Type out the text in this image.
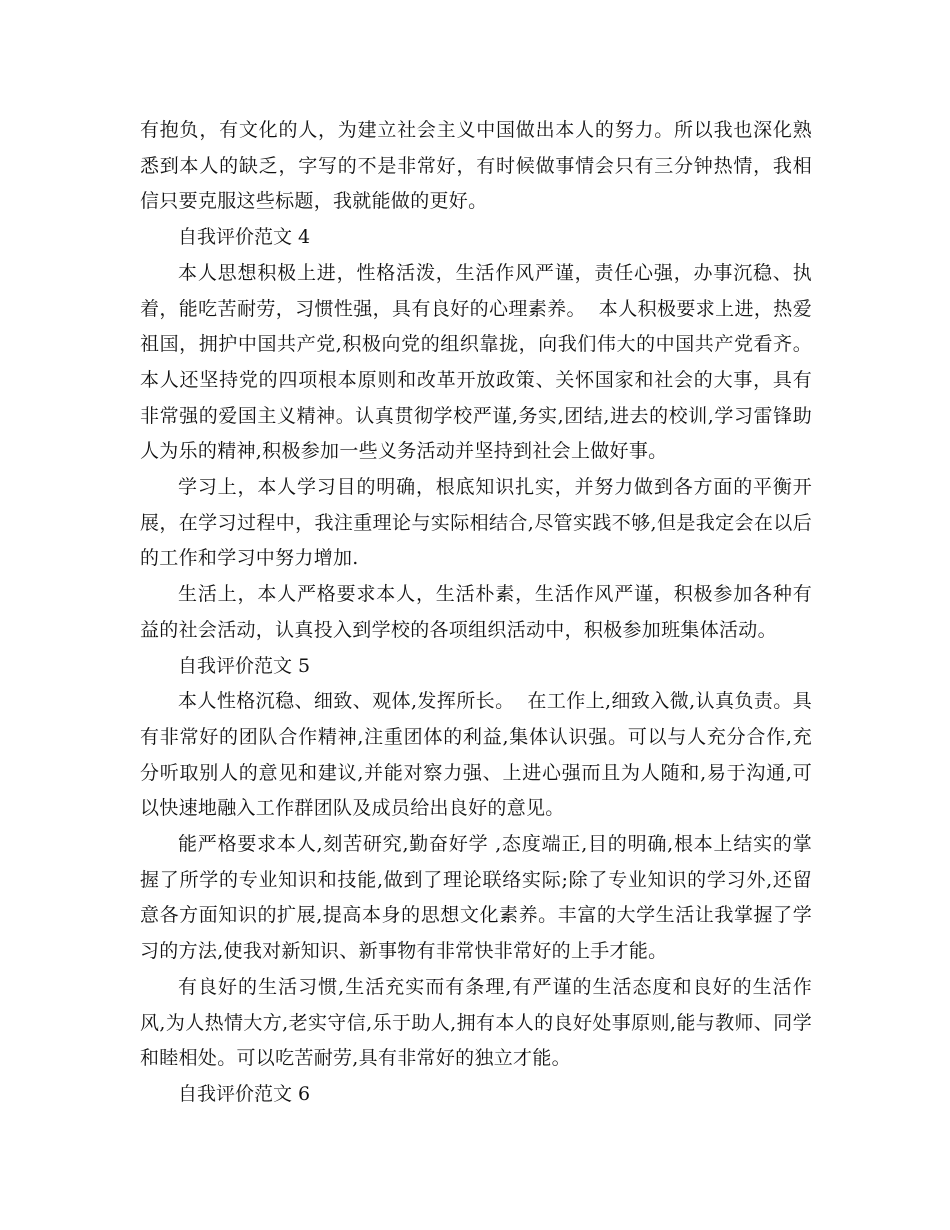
有抱负，有文化的人，为建立社会主义中国做出本人的努力。所以我也深化熟悉到本人的缺乏，字写的不是非常好，有时候做事情会只有三分钟热情，我相信只要克服这些标题，我就能做的更好。

自我评价范文 4

本人思想积极上进，性格活泼，生活作风严谨，责任心强，办事沉稳、执着，能吃苦耐劳，习惯性强，具有良好的心理素养。  本人积极要求上进，热爱祖国，拥护中国共产党,积极向党的组织靠拢，向我们伟大的中国共产党看齐。本人还坚持党的四项根本原则和改革开放政策、关怀国家和社会的大事，具有非常强的爱国主义精神。认真贯彻学校严谨,务实,团结,进去的校训,学习雷锋助人为乐的精神,积极参加一些义务活动并坚持到社会上做好事。

学习上，本人学习目的明确，根底知识扎实，并努力做到各方面的平衡开展，在学习过程中，我注重理论与实际相结合,尽管实践不够,但是我定会在以后的工作和学习中努力增加.

生活上，本人严格要求本人，生活朴素，生活作风严谨，积极参加各种有益的社会活动，认真投入到学校的各项组织活动中，积极参加班集体活动。

自我评价范文 5

本人性格沉稳、细致、观体,发挥所长。  在工作上,细致入微,认真负责。具有非常好的团队合作精神,注重团体的利益,集体认识强。可以与人充分合作,充分听取别人的意见和建议,并能对察力强、上进心强而且为人随和,易于沟通,可以快速地融入工作群团队及成员给出良好的意见。

能严格要求本人,刻苦研究,勤奋好学 ,态度端正,目的明确,根本上结实的掌握了所学的专业知识和技能,做到了理论联络实际;除了专业知识的学习外,还留意各方面知识的扩展,提高本身的思想文化素养。丰富的大学生活让我掌握了学习的方法,使我对新知识、新事物有非常快非常好的上手才能。

有良好的生活习惯,生活充实而有条理,有严谨的生活态度和良好的生活作风,为人热情大方,老实守信,乐于助人,拥有本人的良好处事原则,能与教师、同学和睦相处。可以吃苦耐劳,具有非常好的独立才能。

自我评价范文 6
